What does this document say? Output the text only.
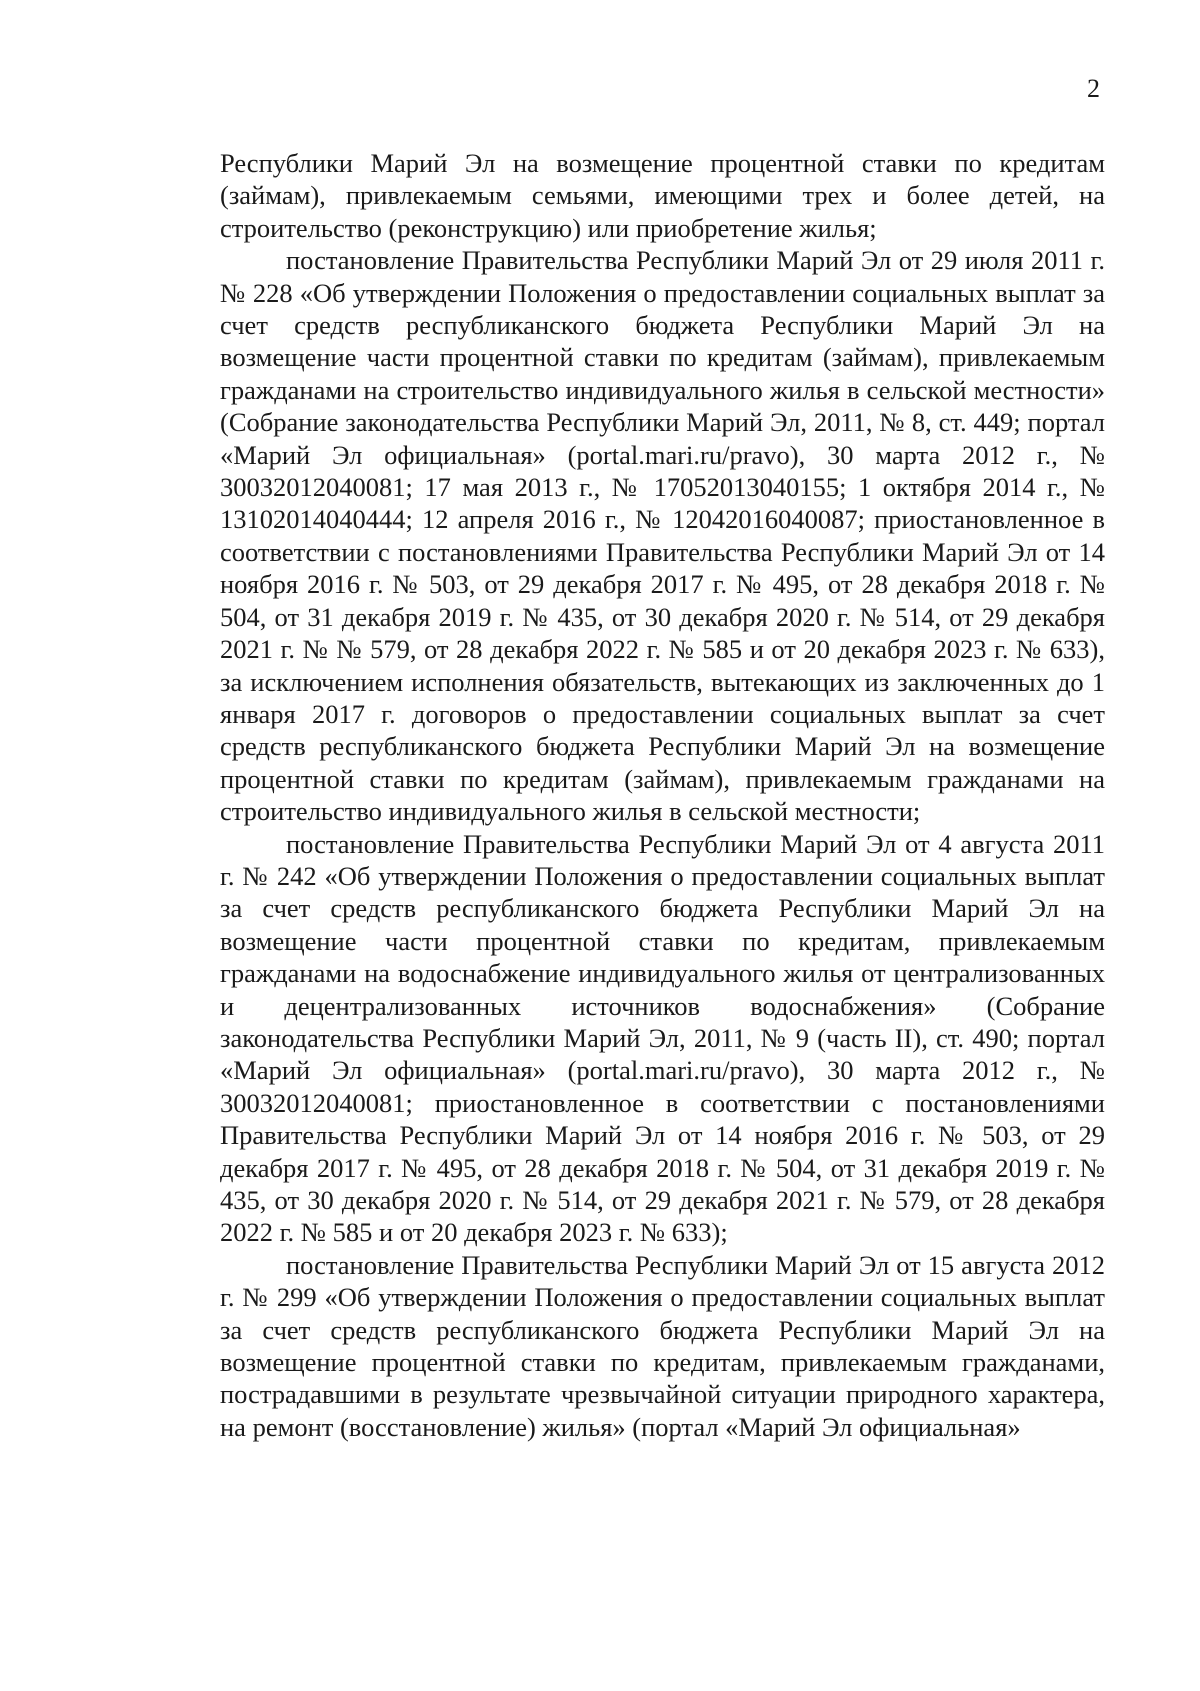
2

Республики Марий Эл на возмещение процентной ставки по кредитам (займам), привлекаемым семьями, имеющими трех и более детей, на строительство (реконструкцию) или приобретение жилья;

постановление Правительства Республики Марий Эл от 29 июля 2011 г. № 228 «Об утверждении Положения о предоставлении социальных выплат за счет средств республиканского бюджета Республики Марий Эл на возмещение части процентной ставки по кредитам (займам), привлекаемым гражданами на строительство индивидуального жилья в сельской местности» (Собрание законодательства Республики Марий Эл, 2011, № 8, ст. 449; портал «Марий Эл официальная» (portal.mari.ru/pravo), 30 марта 2012 г., № 30032012040081; 17 мая 2013 г., № 17052013040155; 1 октября 2014 г., № 13102014040444; 12 апреля 2016 г., № 12042016040087; приостановленное в соответствии с постановлениями Правительства Республики Марий Эл от 14 ноября 2016 г. № 503, от 29 декабря 2017 г. № 495, от 28 декабря 2018 г. № 504, от 31 декабря 2019 г. № 435, от 30 декабря 2020 г. № 514, от 29 декабря 2021 г. № № 579, от 28 декабря 2022 г. № 585 и от 20 декабря 2023 г. № 633), за исключением исполнения обязательств, вытекающих из заключенных до 1 января 2017 г. договоров о предоставлении социальных выплат за счет средств республиканского бюджета Республики Марий Эл на возмещение процентной ставки по кредитам (займам), привлекаемым гражданами на строительство индивидуального жилья в сельской местности;

постановление Правительства Республики Марий Эл от 4 августа 2011 г. № 242 «Об утверждении Положения о предоставлении социальных выплат за счет средств республиканского бюджета Республики Марий Эл на возмещение части процентной ставки по кредитам, привлекаемым гражданами на водоснабжение индивидуального жилья от централизованных и децентрализованных источников водоснабжения» (Собрание законодательства Республики Марий Эл, 2011, № 9 (часть II), ст. 490; портал «Марий Эл официальная» (portal.mari.ru/pravo), 30 марта 2012 г., № 30032012040081; приостановленное в соответствии с постановлениями Правительства Республики Марий Эл от 14 ноября 2016 г. № 503, от 29 декабря 2017 г. № 495, от 28 декабря 2018 г. № 504, от 31 декабря 2019 г. № 435, от 30 декабря 2020 г. № 514, от 29 декабря 2021 г. № 579, от 28 декабря 2022 г. № 585 и от 20 декабря 2023 г. № 633);

постановление Правительства Республики Марий Эл от 15 августа 2012 г. № 299 «Об утверждении Положения о предоставлении социальных выплат за счет средств республиканского бюджета Республики Марий Эл на возмещение процентной ставки по кредитам, привлекаемым гражданами, пострадавшими в результате чрезвычайной ситуации природного характера, на ремонт (восстановление) жилья» (портал «Марий Эл официальная»
